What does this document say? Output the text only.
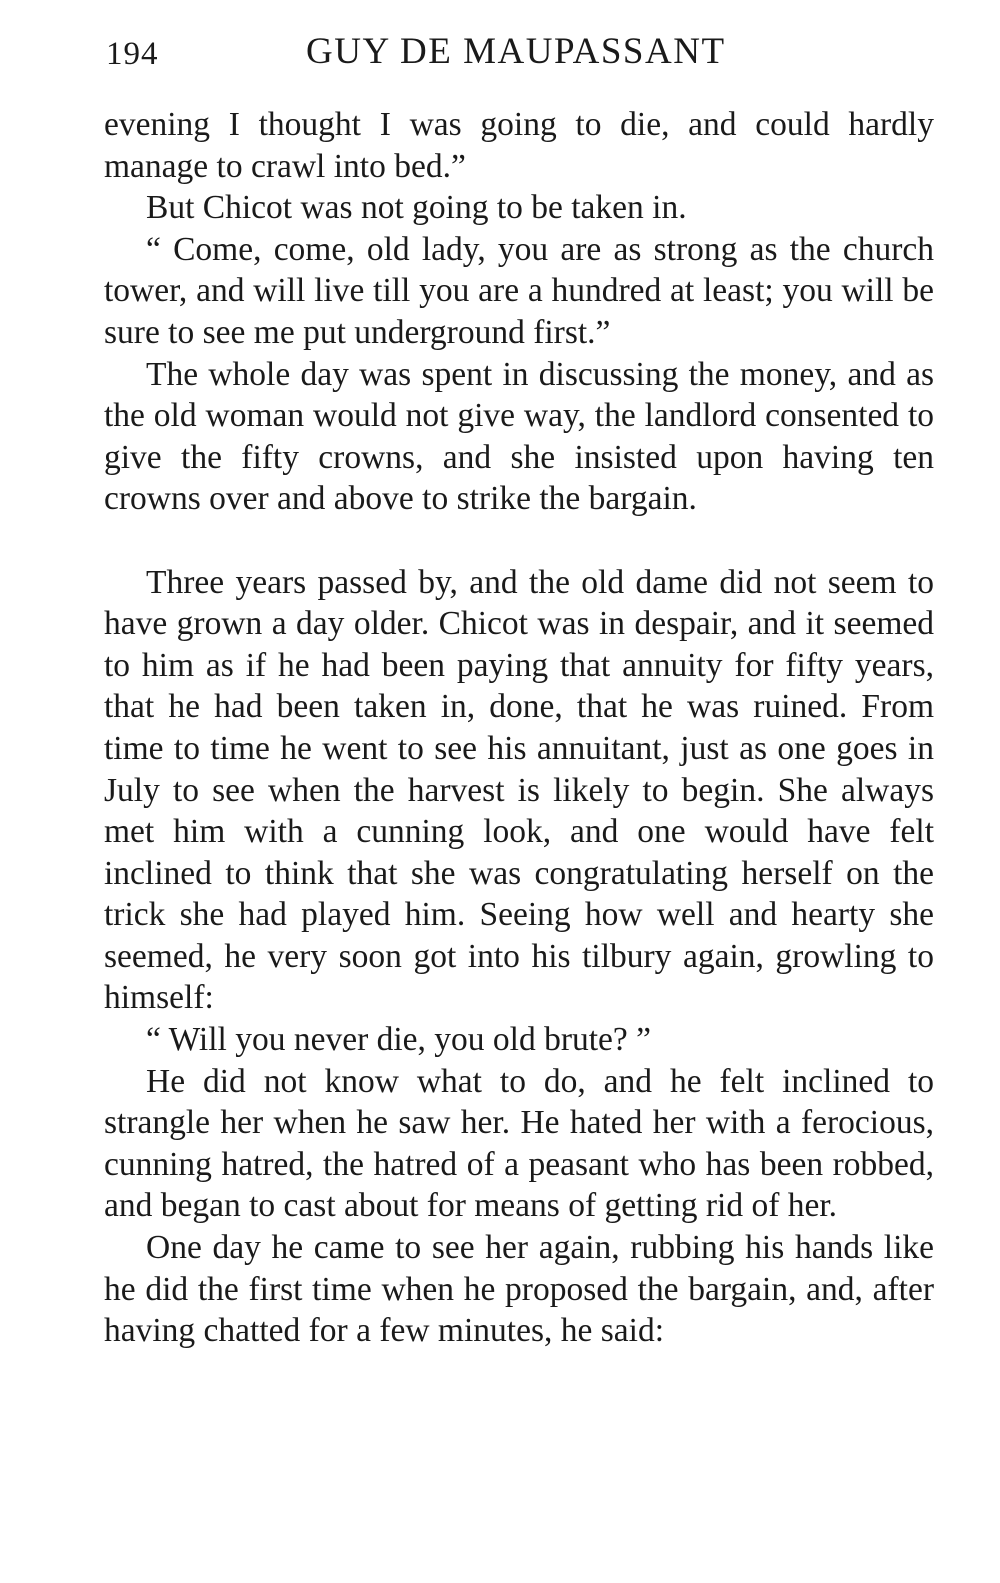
194	GUY DE MAUPASSANT

evening I thought I was going to die, and could hardly manage to crawl into bed.”

But Chicot was not going to be taken in.

“ Come, come, old lady, you are as strong as the church tower, and will live till you are a hundred at least; you will be sure to see me put underground first.”

The whole day was spent in discussing the money, and as the old woman would not give way, the landlord consented to give the fifty crowns, and she insisted upon having ten crowns over and above to strike the bargain.

Three years passed by, and the old dame did not seem to have grown a day older. Chicot was in despair, and it seemed to him as if he had been paying that annuity for fifty years, that he had been taken in, done, that he was ruined. From time to time he went to see his annuitant, just as one goes in July to see when the harvest is likely to begin. She always met him with a cunning look, and one would have felt inclined to think that she was congratulating herself on the trick she had played him. Seeing how well and hearty she seemed, he very soon got into his tilbury again, growling to himself:

“ Will you never die, you old brute? ”

He did not know what to do, and he felt inclined to strangle her when he saw her. He hated her with a ferocious, cunning hatred, the hatred of a peasant who has been robbed, and began to cast about for means of getting rid of her.

One day he came to see her again, rubbing his hands like he did the first time when he proposed the bargain, and, after having chatted for a few minutes, he said:
